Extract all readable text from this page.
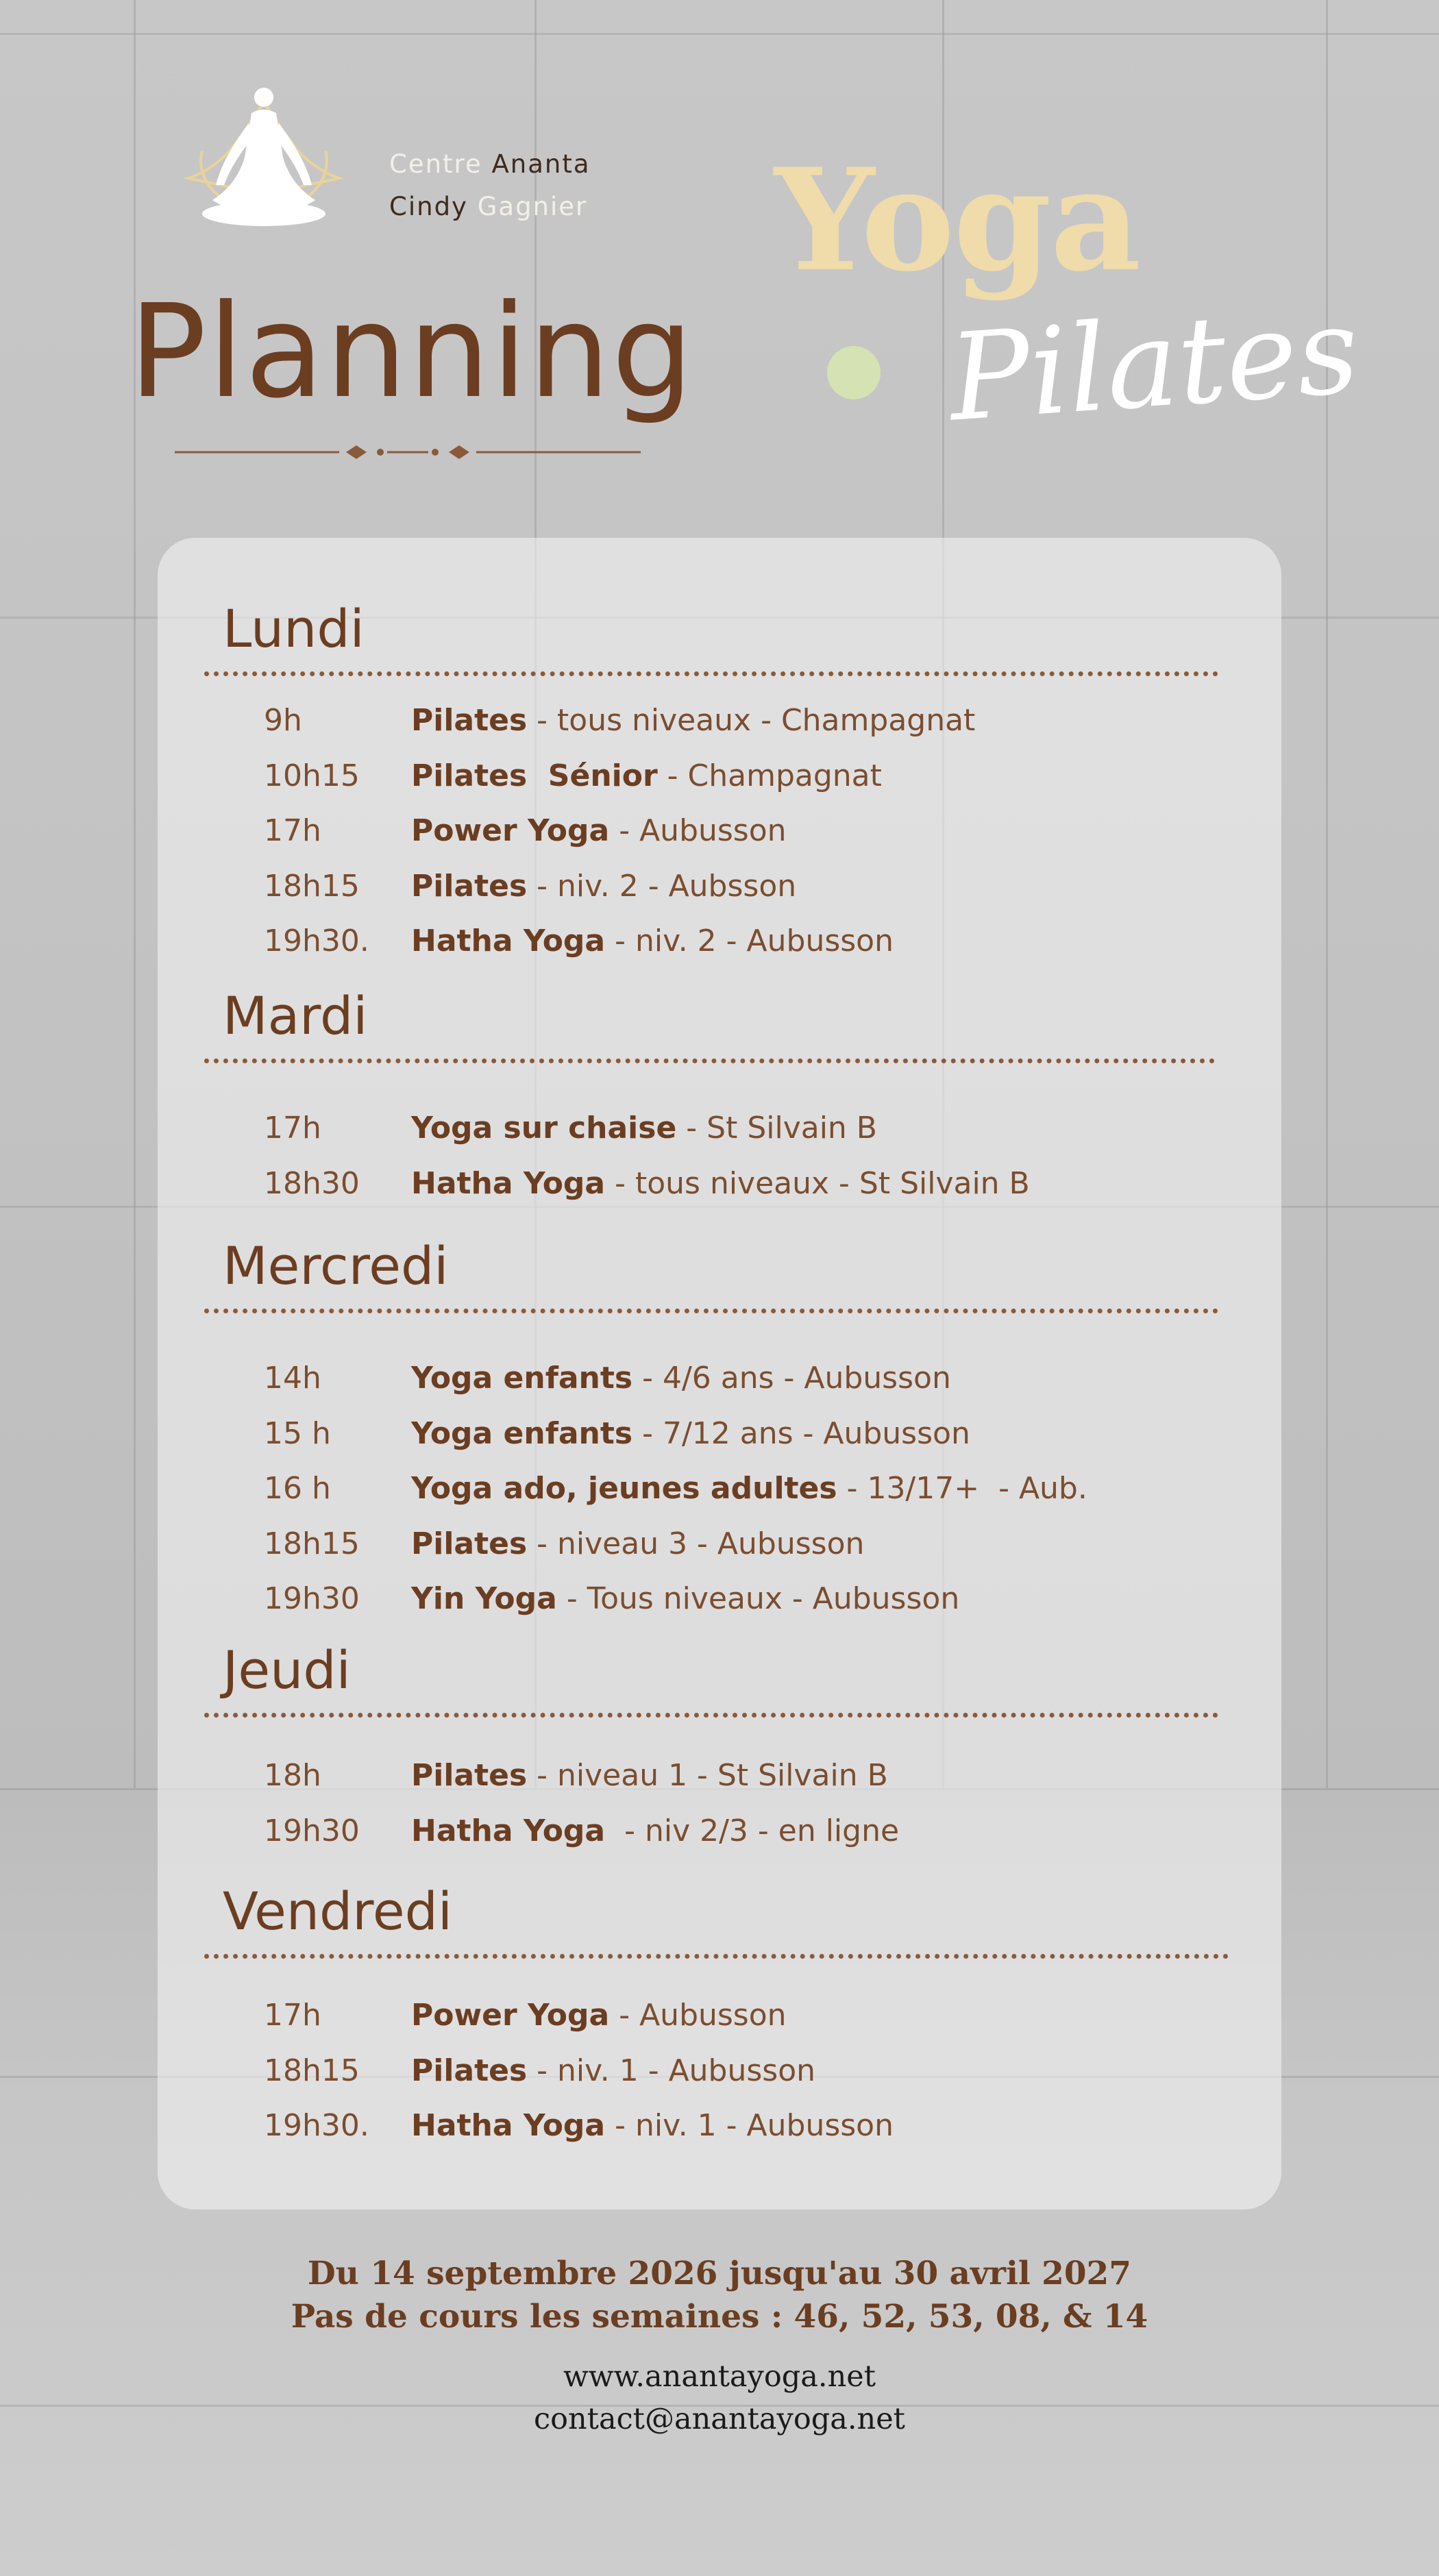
Centre Ananta
Cindy Gagnier
Planning
Yoga
Pilates
Lundi
9h	Pilates - tous niveaux - Champagnat
10h15 Pilates  Sénior - Champagnat
17h	Power Yoga - Aubusson
18h15 Pilates - niv. 2 - Aubsson
19h30. Hatha Yoga - niv. 2 - Aubusson
Mardi
17h	Yoga sur chaise - St Silvain B
18h30 Hatha Yoga - tous niveaux - St Silvain B
Mercredi
14h	Yoga enfants - 4/6 ans - Aubusson
15 h	Yoga enfants - 7/12 ans - Aubusson
16 h	Yoga ado, jeunes adultes - 13/17+  - Aub.
18h15 Pilates - niveau 3 - Aubusson
19h30 Yin Yoga - Tous niveaux - Aubusson
Jeudi
18h	Pilates - niveau 1 - St Silvain B
19h30 Hatha Yoga  - niv 2/3 - en ligne
Vendredi
17h	Power Yoga - Aubusson
18h15 Pilates - niv. 1 - Aubusson
19h30. Hatha Yoga - niv. 1 - Aubusson
Du 14 septembre 2026 jusqu'au 30 avril 2027
Pas de cours les semaines : 46, 52, 53, 08, & 14
www.anantayoga.net
contact@anantayoga.net
